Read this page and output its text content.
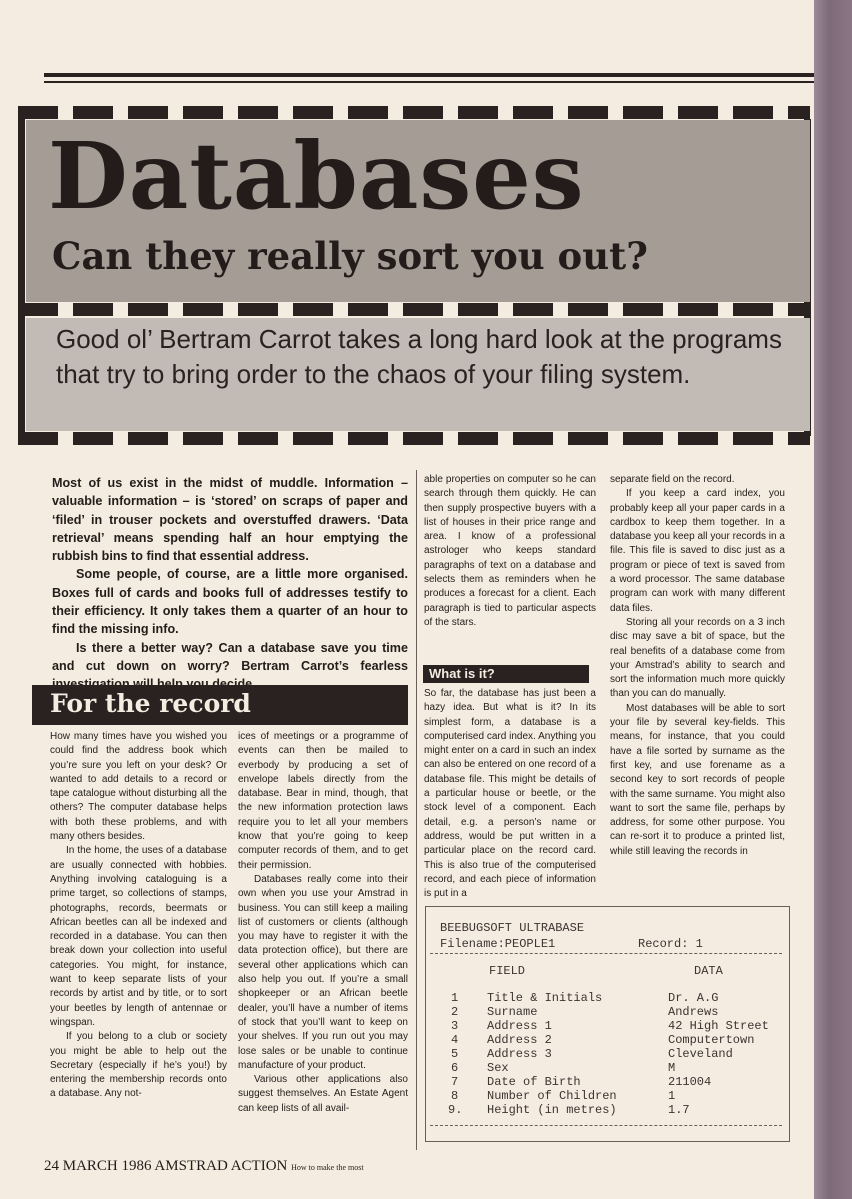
Databases
Can they really sort you out?

Good ol’ Bertram Carrot takes a long hard look at the programs that try to bring order to the chaos of your filing system.

Most of us exist in the midst of muddle. Information – valuable information – is ‘stored’ on scraps of paper and ‘filed’ in trouser pockets and overstuffed drawers. ‘Data retrieval’ means spending half an hour emptying the rubbish bins to find that essential address.

Some people, of course, are a little more organised. Boxes full of cards and books full of addresses testify to their efficiency. It only takes them a quarter of an hour to find the missing info.

Is there a better way? Can a database save you time and cut down on worry? Bertram Carrot’s fearless

For the record

How many times have you wished you could find the address book which you’re sure you left on your desk? Or wanted to add details to a record or tape catalogue without disturbing all the others? The computer database helps with both these problems, and with many others besides.

In the home, the uses of a database are usually connected with hobbies. Anything involving cataloguing is a prime target, so collections of stamps, photographs, records, beermats or African beetles can all be indexed and recorded in a database. You can then break down your collection into useful categories. You might, for instance, want to keep separate lists of your records by artist and by title, or to sort your beetles by length of antennae or wingspan.

If you belong to a club or society you might be able to help out the Secretary (especially if he’s you!) by entering the membership records onto a database. Any not-

ices of meetings or a programme of events can then be mailed to everbody by producing a set of envelope labels directly from the database. Bear in mind, though, that the new information protection laws require you to let all your members know that you’re going to keep computer records of them, and to get their permission.

Databases really come into their own when you use your Amstrad in business. You can still keep a mailing list of customers or clients (although you may have to register it with the data protection office), but there are several other applications which can also help you out. If you’re a small shopkeeper or an African beetle dealer, you’ll have a number of items of stock that you’ll want to keep on your shelves. If you run out you may lose sales or be unable to continue manufacture of your product.

Various other applications also suggest themselves. An Estate Agent can keep lists of all avail-

able properties on computer so he can search through them quickly. He can then supply prospective buyers with a list of houses in their price range and area. I know of a professional astrologer who keeps standard paragraphs of text on a database and selects them as reminders when he produces a forecast for a client. Each paragraph is tied to particular aspects of the stars.

What is it?

So far, the database has just been a hazy idea. But what is it? In its simplest form, a database is a computerised card index. Anything you might enter on a card in such an index can also be entered on one record of a database file. This might be details of a particular house or beetle, or the stock level of a component. Each detail, e.g. a person’s name or address, would be put written in a particular place on the record card. This is also true of the computerised record, and each piece of information is put in a

separate field on the record.

If you keep a card index, you probably keep all your paper cards in a cardbox to keep them together. In a database you keep all your records in a file. This file is saved to disc just as a program or piece of text is saved from a word processor. The same database program can work with many different data files.

Storing all your records on a 3 inch disc may save a bit of space, but the real benefits of a database come from your Amstrad’s ability to search and sort the information much more quickly than you can do manually.

Most databases will be able to sort your file by several key-fields. This means, for instance, that you could have a file sorted by surname as the first key, and use forename as a second key to sort records of people with the same surname. You might also want to sort the same file, perhaps by address, for some other purpose. You can re-sort it to produce a printed list, while still leaving the records in

BEEBUGSOFT ULTRABASE
Filename:PEOPLE1	Record: 1
FIELD	DATA
1 Title & Initials	Dr. A.G
2 Surname	Andrews
3 Address 1	42 High Street
4 Address 2	Computertown
5 Address 3	Cleveland
6 Sex	M
7 Date of Birth	211004
8 Number of Children	1
9. Height (in metres)	1.7
24 MARCH 1986 AMSTRAD ACTION How to make the most
